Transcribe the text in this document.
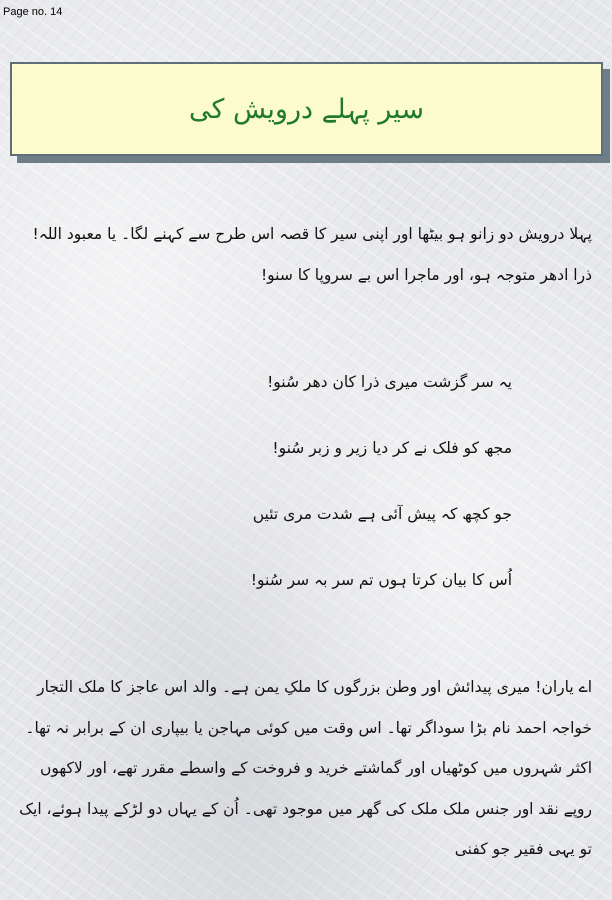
Page no. 14
سیر پہلے درویش کی

پہلا درویش دو زانو ہو بیٹھا اور اپنی سیر کا قصہ اس طرح سے کہنے لگا۔ یا معبود اللہ! ذرا ادھر متوجہ ہو، اور ماجرا اس بے سروپا کا سنو!

یہ سر گزشت میری ذرا کان دھر سُنو!
مجھ کو فلک نے کر دیا زیر و زبر سُنو!
جو کچھ کہ پیش آئی ہے شدت مری تئیں
اُس کا بیان کرتا ہوں تم سر بہ سر سُنو!

اے یاران! میری پیدائش اور وطن بزرگوں کا ملکِ یمن ہے۔ والد اس عاجز کا ملک التجار خواجہ احمد نام بڑا سوداگر تھا۔ اس وقت میں کوئی مہاجن یا بیپاری ان کے برابر نہ تھا۔ اکثر شہروں میں کوٹھیاں اور گماشتے خرید و فروخت کے واسطے مقرر تھے، اور لاکھوں روپے نقد اور جنس ملک ملک کی گھر میں موجود تھی۔ اُن کے یہاں دو لڑکے پیدا ہوئے، ایک تو یہی فقیر جو کفنی
